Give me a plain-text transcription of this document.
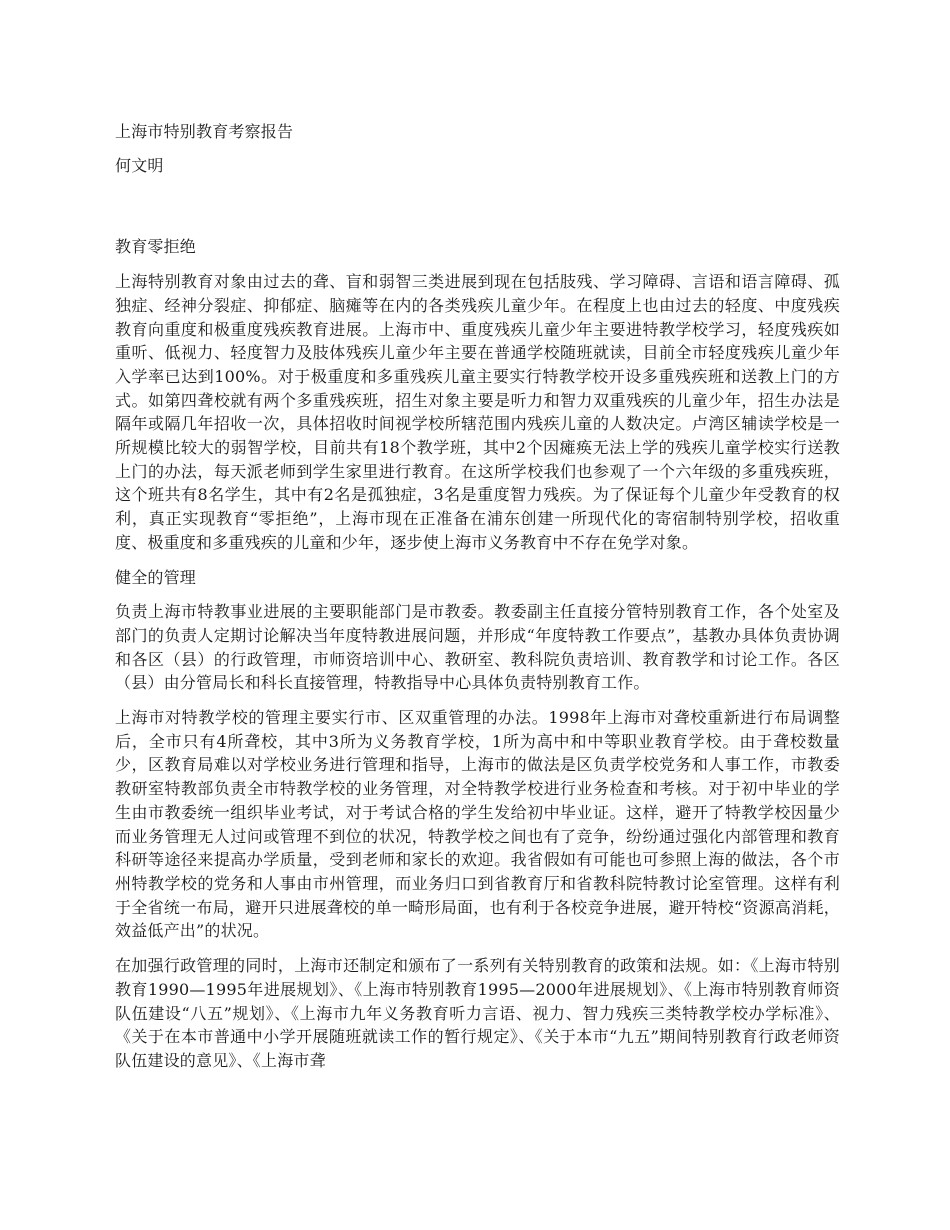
上海市特别教育考察报告

何文明

教育零拒绝

上海特别教育对象由过去的聋、盲和弱智三类进展到现在包括肢残、学习障碍、言语和语言障碍、孤独症、经神分裂症、抑郁症、脑瘫等在内的各类残疾儿童少年。在程度上也由过去的轻度、中度残疾教育向重度和极重度残疾教育进展。上海市中、重度残疾儿童少年主要进特教学校学习，轻度残疾如重听、低视力、轻度智力及肢体残疾儿童少年主要在普通学校随班就读，目前全市轻度残疾儿童少年入学率已达到100%。对于极重度和多重残疾儿童主要实行特教学校开设多重残疾班和送教上门的方式。如第四聋校就有两个多重残疾班，招生对象主要是听力和智力双重残疾的儿童少年，招生办法是隔年或隔几年招收一次，具体招收时间视学校所辖范围内残疾儿童的人数决定。卢湾区辅读学校是一所规模比较大的弱智学校，目前共有18个教学班，其中2个因瘫痪无法上学的残疾儿童学校实行送教上门的办法，每天派老师到学生家里进行教育。在这所学校我们也参观了一个六年级的多重残疾班，这个班共有8名学生，其中有2名是孤独症，3名是重度智力残疾。为了保证每个儿童少年受教育的权利，真正实现教育“零拒绝”，上海市现在正准备在浦东创建一所现代化的寄宿制特别学校，招收重度、极重度和多重残疾的儿童和少年，逐步使上海市义务教育中不存在免学对象。

健全的管理

负责上海市特教事业进展的主要职能部门是市教委。教委副主任直接分管特别教育工作，各个处室及部门的负责人定期讨论解决当年度特教进展问题，并形成“年度特教工作要点”，基教办具体负责协调和各区（县）的行政管理，市师资培训中心、教研室、教科院负责培训、教育教学和讨论工作。各区（县）由分管局长和科长直接管理，特教指导中心具体负责特别教育工作。

上海市对特教学校的管理主要实行市、区双重管理的办法。1998年上海市对聋校重新进行布局调整后，全市只有4所聋校，其中3所为义务教育学校，1所为高中和中等职业教育学校。由于聋校数量少，区教育局难以对学校业务进行管理和指导，上海市的做法是区负责学校党务和人事工作，市教委教研室特教部负责全市特教学校的业务管理，对全特教学校进行业务检查和考核。对于初中毕业的学生由市教委统一组织毕业考试，对于考试合格的学生发给初中毕业证。这样，避开了特教学校因量少而业务管理无人过问或管理不到位的状况，特教学校之间也有了竞争，纷纷通过强化内部管理和教育科研等途径来提高办学质量，受到老师和家长的欢迎。我省假如有可能也可参照上海的做法，各个市州特教学校的党务和人事由市州管理，而业务归口到省教育厅和省教科院特教讨论室管理。这样有利于全省统一布局，避开只进展聋校的单一畸形局面，也有利于各校竞争进展，避开特校“资源高消耗，效益低产出”的状况。

在加强行政管理的同时，上海市还制定和颁布了一系列有关特别教育的政策和法规。如：《上海市特别教育1990—1995年进展规划》、《上海市特别教育1995—2000年进展规划》、《上海市特别教育师资队伍建设“八五”规划》、《上海市九年义务教育听力言语、视力、智力残疾三类特教学校办学标准》、《关于在本市普通中小学开展随班就读工作的暂行规定》、《关于本市“九五”期间特别教育行政老师资队伍建设的意见》、《上海市聋
